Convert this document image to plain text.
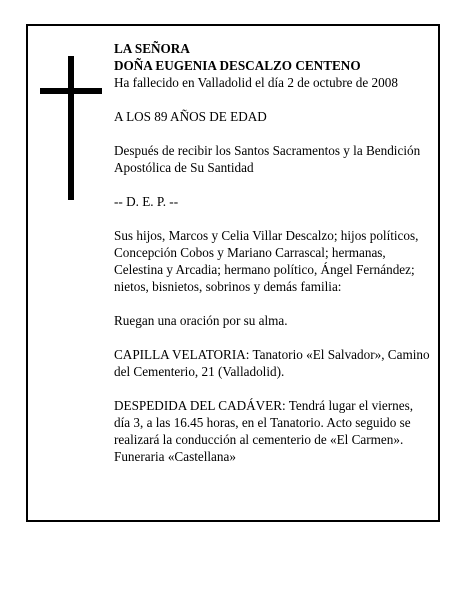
LA SEÑORA
DOÑA EUGENIA DESCALZO CENTENO
Ha fallecido en Valladolid el día 2 de octubre de 2008

A LOS 89 AÑOS DE EDAD

Después de recibir los Santos Sacramentos y la Bendición Apostólica de Su Santidad

-- D. E. P. --

Sus hijos, Marcos y Celia Villar Descalzo; hijos políticos, Concepción Cobos y Mariano Carrascal; hermanas, Celestina y Arcadia; hermano político, Ángel Fernández; nietos, bisnietos, sobrinos y demás familia:

Ruegan una oración por su alma.

CAPILLA VELATORIA: Tanatorio «El Salvador», Camino del Cementerio, 21 (Valladolid).

DESPEDIDA DEL CADÁVER: Tendrá lugar el viernes, día 3, a las 16.45 horas, en el Tanatorio. Acto seguido se realizará la conducción al cementerio de «El Carmen».
Funeraria «Castellana»
